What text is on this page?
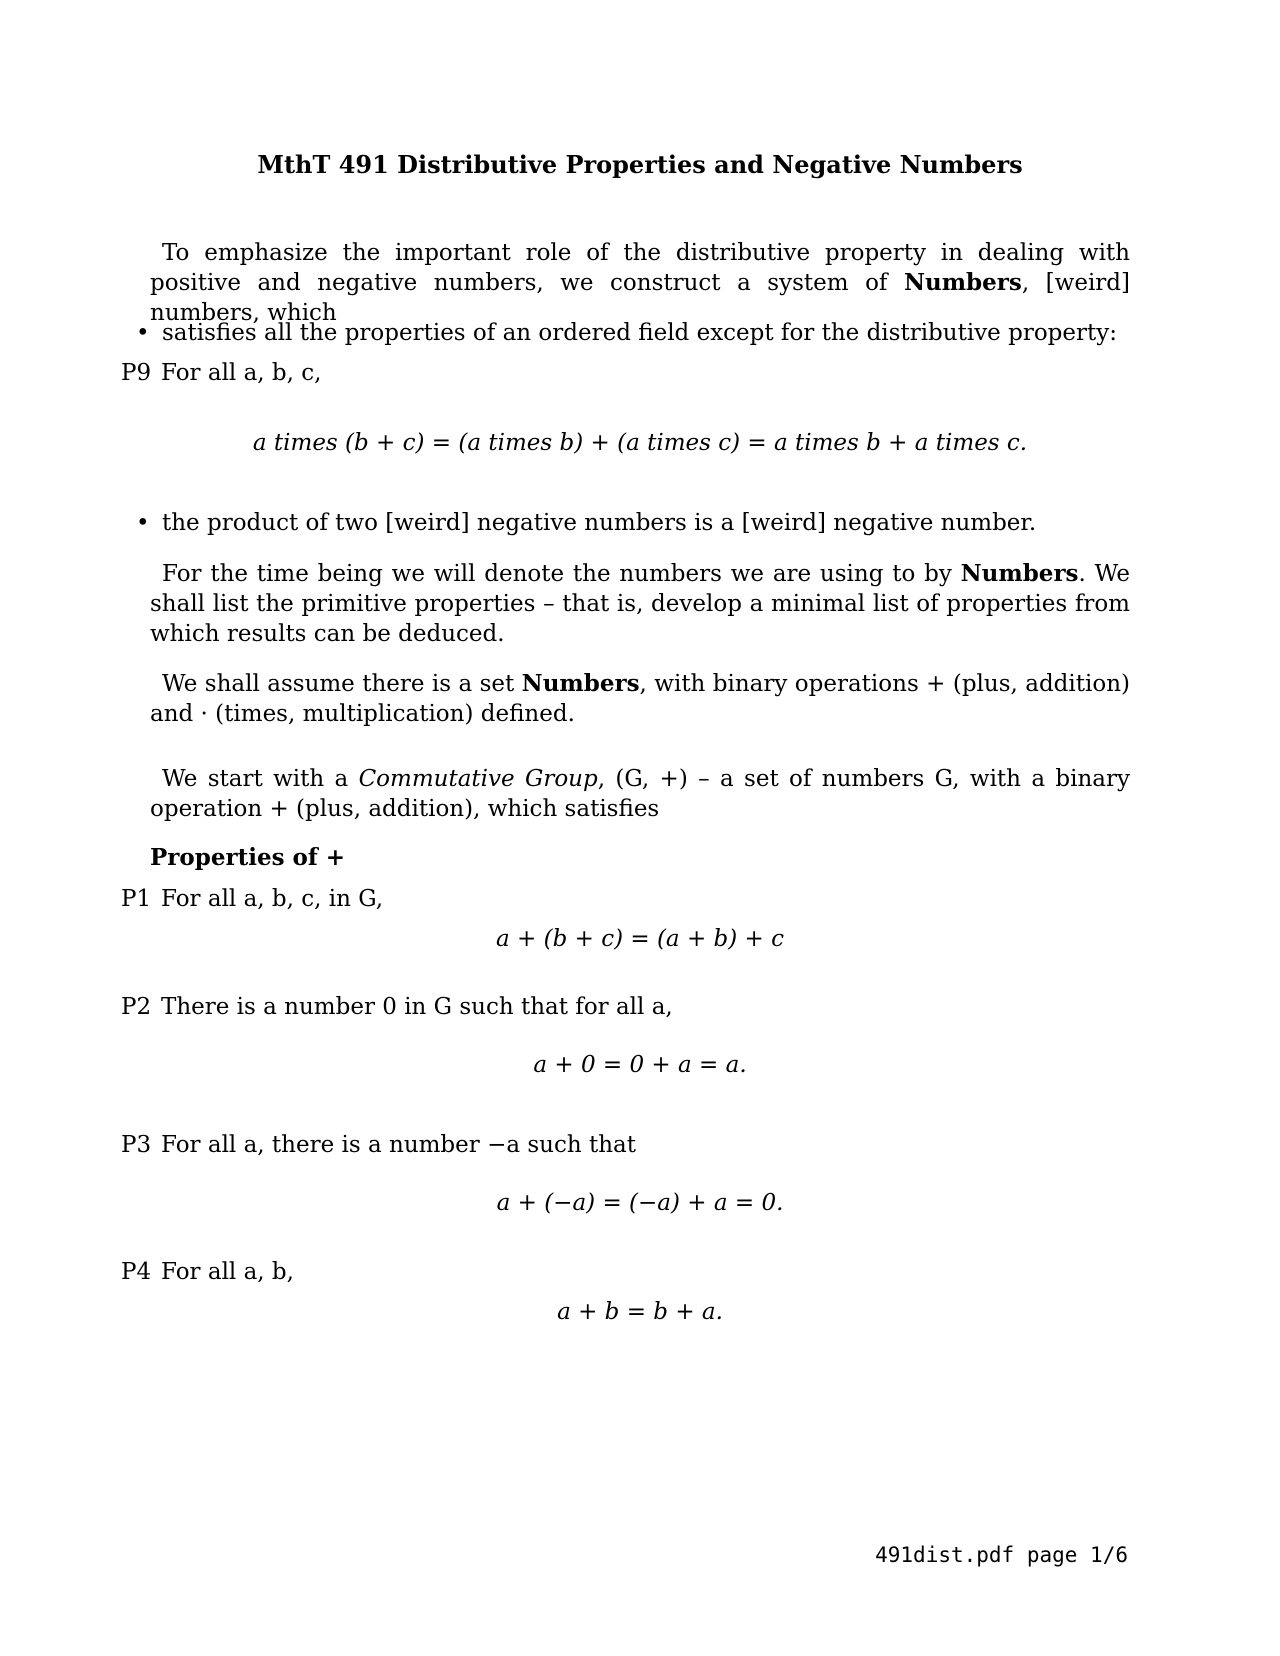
MthT 491 Distributive Properties and Negative Numbers
To emphasize the important role of the distributive property in dealing with positive and negative numbers, we construct a system of Numbers, [weird] numbers, which
• satisfies all the properties of an ordered field except for the distributive property:
P9 For all a, b, c,
a times (b + c) = (a times b) + (a times c) = a times b + a times c.
• the product of two [weird] negative numbers is a [weird] negative number.
For the time being we will denote the numbers we are using to by Numbers. We shall list the primitive properties – that is, develop a minimal list of properties from which results can be deduced.
We shall assume there is a set Numbers, with binary operations + (plus, addition) and · (times, multiplication) defined.
We start with a Commutative Group, (G, +) – a set of numbers G, with a binary operation + (plus, addition), which satisfies
Properties of +
P1 For all a, b, c, in G,
a + (b + c) = (a + b) + c
P2 There is a number 0 in G such that for all a,
a + 0 = 0 + a = a.
P3 For all a, there is a number −a such that
a + (−a) = (−a) + a = 0.
P4 For all a, b,
a + b = b + a.
491dist.pdf page 1/6
